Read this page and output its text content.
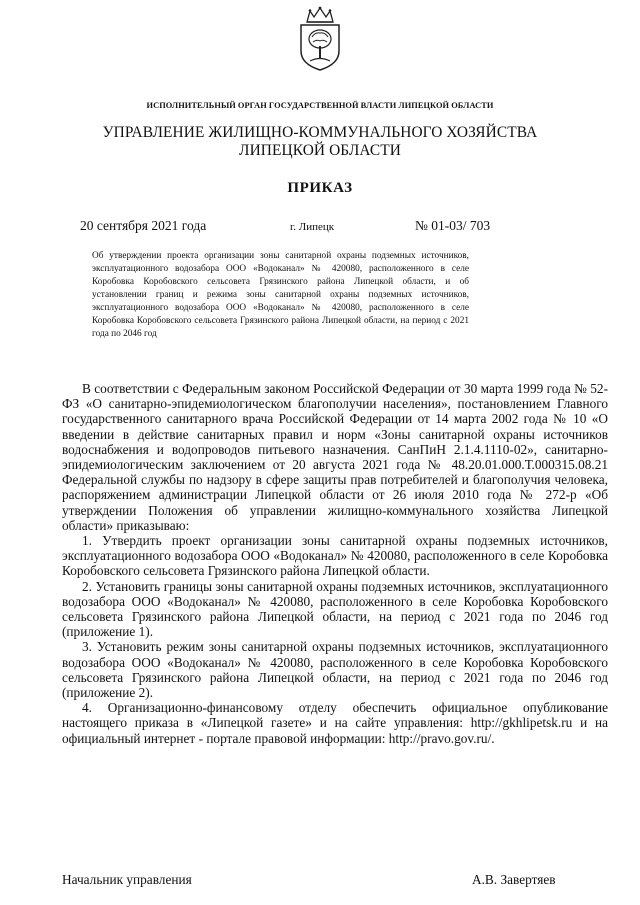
ИСПОЛНИТЕЛЬНЫЙ ОРГАН ГОСУДАРСТВЕННОЙ ВЛАСТИ ЛИПЕЦКОЙ ОБЛАСТИ
УПРАВЛЕНИЕ ЖИЛИЩНО-КОММУНАЛЬНОГО ХОЗЯЙСТВА
ЛИПЕЦКОЙ ОБЛАСТИ
ПРИКАЗ
20 сентября 2021 года	г. Липецк	№ 01-03/ 703
Об утверждении проекта организации зоны санитарной охраны подземных источников, эксплуатационного водозабора ООО «Водоканал» № 420080, расположенного в селе Коробовка Коробовского сельсовета Грязинского района Липецкой области, и об установлении границ и режима зоны санитарной охраны подземных источников, эксплуатационного водозабора ООО «Водоканал» № 420080, расположенного в селе Коробовка Коробовского сельсовета Грязинского района Липецкой области, на период с 2021 года по 2046 год

В соответствии с Федеральным законом Российской Федерации от 30 марта 1999 года № 52-ФЗ «О санитарно-эпидемиологическом благополучии населения», постановлением Главного государственного санитарного врача Российской Федерации от 14 марта 2002 года № 10 «О введении в действие санитарных правил и норм «Зоны санитарной охраны источников водоснабжения и водопроводов питьевого назначения. СанПиН 2.1.4.1110-02», санитарно-эпидемиологическим заключением от 20 августа 2021 года № 48.20.01.000.Т.000315.08.21 Федеральной службы по надзору в сфере защиты прав потребителей и благополучия человека, распоряжением администрации Липецкой области от 26 июля 2010 года № 272-р «Об утверждении Положения об управлении жилищно-коммунального хозяйства Липецкой области» приказываю:

1. Утвердить проект организации зоны санитарной охраны подземных источников, эксплуатационного водозабора ООО «Водоканал» № 420080, расположенного в селе Коробовка Коробовского сельсовета Грязинского района Липецкой области.

2. Установить границы зоны санитарной охраны подземных источников, эксплуатационного водозабора ООО «Водоканал» № 420080, расположенного в селе Коробовка Коробовского сельсовета Грязинского района Липецкой области, на период с 2021 года по 2046 год (приложение 1).

3. Установить режим зоны санитарной охраны подземных источников, эксплуатационного водозабора ООО «Водоканал» № 420080, расположенного в селе Коробовка Коробовского сельсовета Грязинского района Липецкой области, на период с 2021 года по 2046 год (приложение 2).

4. Организационно-финансовому отделу обеспечить официальное опубликование настоящего приказа в «Липецкой газете» и на сайте управления: http://gkhlipetsk.ru и на официальный интернет - портале правовой информации: http://pravo.gov.ru/.

Начальник управления	А.В. Завертяев
